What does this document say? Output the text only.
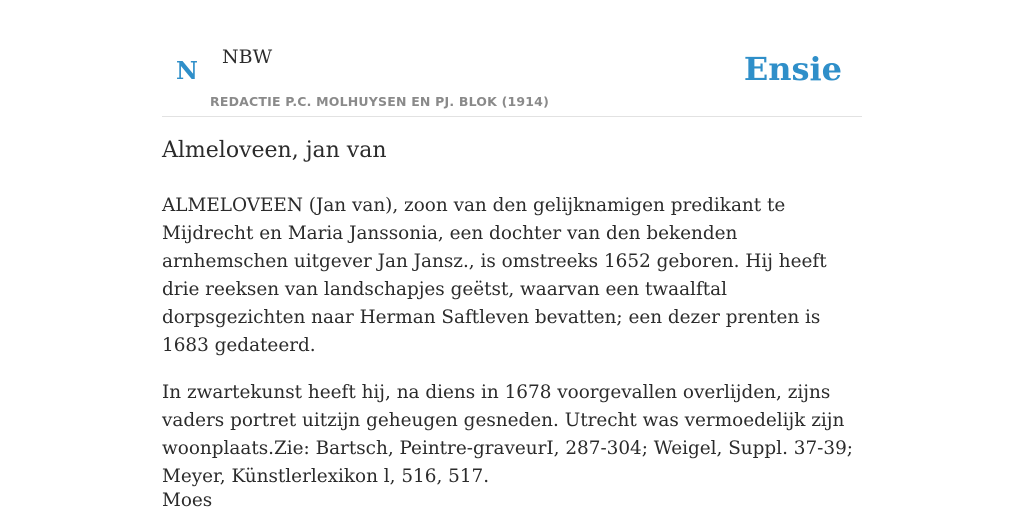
N NBW
REDACTIE P.C. MOLHUYSEN EN PJ. BLOK (1914)
Ensie
Almeloveen, jan van

ALMELOVEEN (Jan van), zoon van den gelijknamigen predikant te Mijdrecht en Maria Janssonia, een dochter van den bekenden arnhemschen uitgever Jan Jansz., is omstreeks 1652 geboren. Hij heeft drie reeksen van landschapjes geëtst, waarvan een twaalftal dorpsgezichten naar Herman Saftleven bevatten; een dezer prenten is 1683 gedateerd.

In zwartekunst heeft hij, na diens in 1678 voorgevallen overlijden, zijns vaders portret uitzijn geheugen gesneden. Utrecht was vermoedelijk zijn woonplaats.Zie: Bartsch, Peintre-graveurI, 287-304; Weigel, Suppl. 37-39; Meyer, Künstlerlexikon l, 516, 517.

Moes
